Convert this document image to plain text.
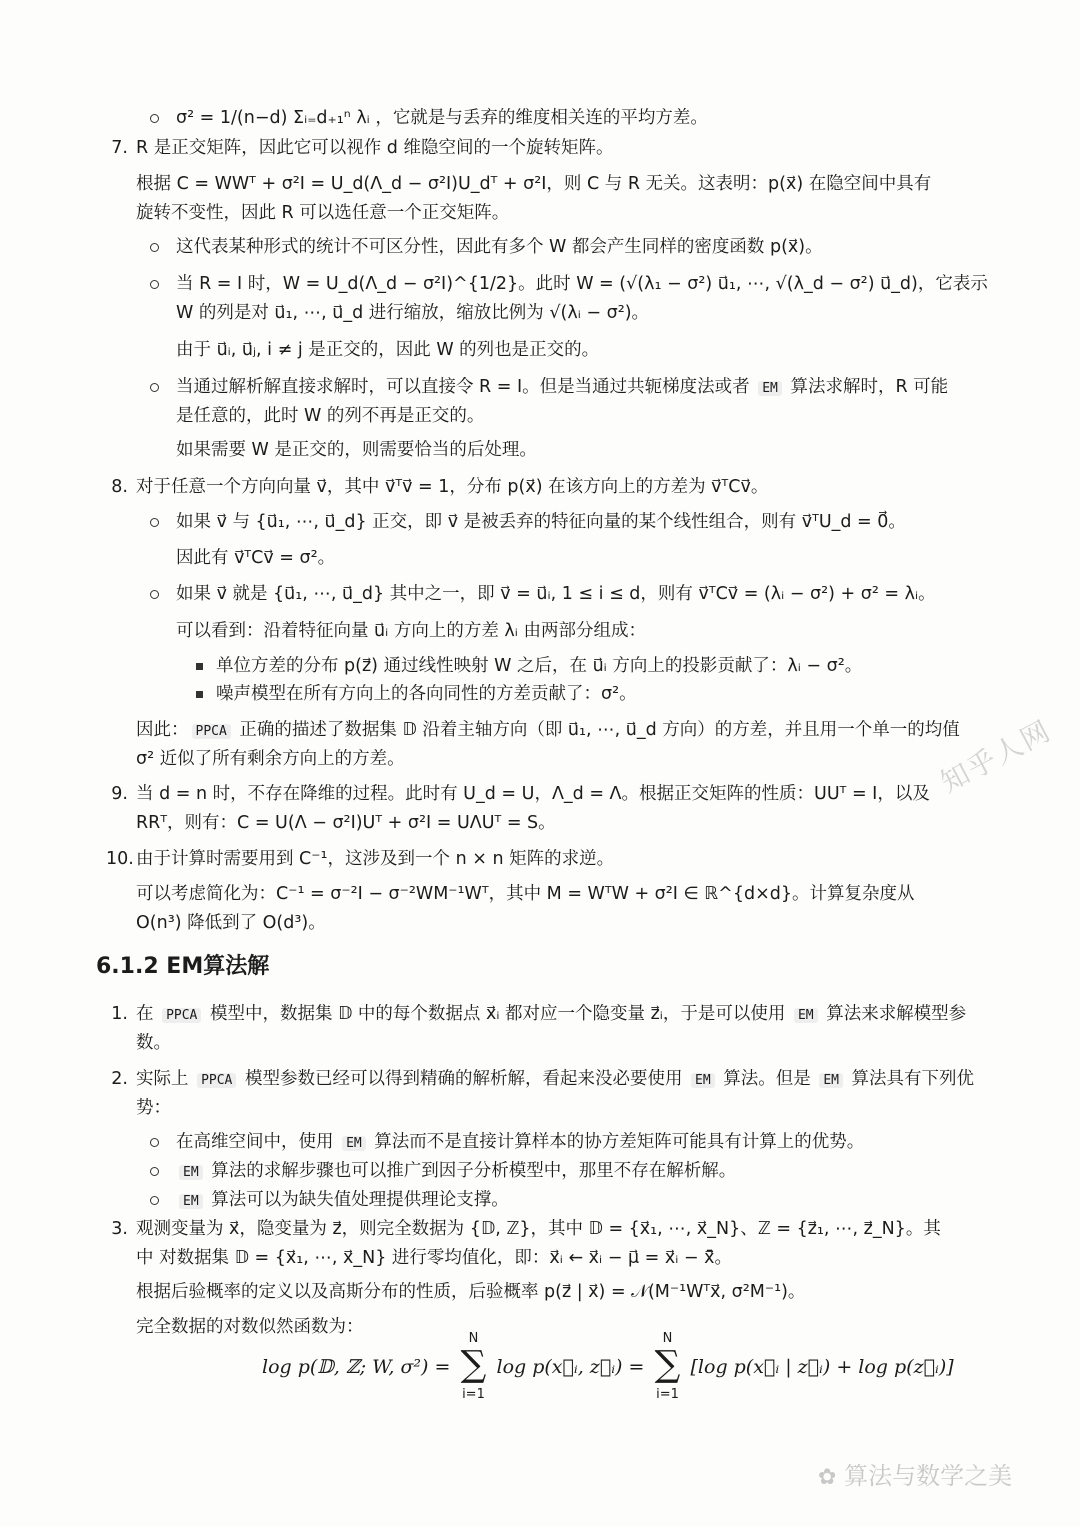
σ² = 1/(n−d) Σᵢ₌d₊₁ⁿ λᵢ ，它就是与丢弃的维度相关连的平均方差。
R 是正交矩阵，因此它可以视作 d 维隐空间的一个旋转矩阵。
7.
根据 C = WWᵀ + σ²I = U_d(Λ_d − σ²I)U_dᵀ + σ²I，则 C 与 R 无关。这表明：p(x⃗) 在隐空间中具有
旋转不变性，因此 R 可以选任意一个正交矩阵。
这代表某种形式的统计不可区分性，因此有多个 W 都会产生同样的密度函数 p(x⃗)。
当 R = I 时，W = U_d(Λ_d − σ²I)^{1/2}。此时 W = (√(λ₁ − σ²) u⃗₁, ⋯, √(λ_d − σ²) u⃗_d)，它表示
W 的列是对 u⃗₁, ⋯, u⃗_d 进行缩放，缩放比例为 √(λᵢ − σ²)。
由于 u⃗ᵢ, u⃗ⱼ, i ≠ j 是正交的，因此 W 的列也是正交的。
当通过解析解直接求解时，可以直接令 R = I。但是当通过共轭梯度法或者 EM 算法求解时，R 可能
是任意的，此时 W 的列不再是正交的。
如果需要 W 是正交的，则需要恰当的后处理。
对于任意一个方向向量 v⃗，其中 v⃗ᵀv⃗ = 1，分布 p(x⃗) 在该方向上的方差为 v⃗ᵀCv⃗。
8.
如果 v⃗ 与 {u⃗₁, ⋯, u⃗_d} 正交，即 v⃗ 是被丢弃的特征向量的某个线性组合，则有 v⃗ᵀU_d = 0⃗。
因此有 v⃗ᵀCv⃗ = σ²。
如果 v⃗ 就是 {u⃗₁, ⋯, u⃗_d} 其中之一，即 v⃗ = u⃗ᵢ, 1 ≤ i ≤ d，则有 v⃗ᵀCv⃗ = (λᵢ − σ²) + σ² = λᵢ。
可以看到：沿着特征向量 u⃗ᵢ 方向上的方差 λᵢ 由两部分组成：
单位方差的分布 p(z⃗) 通过线性映射 W 之后，在 u⃗ᵢ 方向上的投影贡献了：λᵢ − σ²。
噪声模型在所有方向上的各向同性的方差贡献了：σ²。
因此： PPCA 正确的描述了数据集 𝔻 沿着主轴方向（即 u⃗₁, ⋯, u⃗_d 方向）的方差，并且用一个单一的均值
σ² 近似了所有剩余方向上的方差。
当 d = n 时，不存在降维的过程。此时有 U_d = U，Λ_d = Λ。根据正交矩阵的性质：UUᵀ = I，以及
9.
RRᵀ，则有：C = U(Λ − σ²I)Uᵀ + σ²I = UΛUᵀ = S。
由于计算时需要用到 C⁻¹，这涉及到一个 n × n 矩阵的求逆。
10.
可以考虑简化为：C⁻¹ = σ⁻²I − σ⁻²WM⁻¹Wᵀ，其中 M = WᵀW + σ²I ∈ ℝ^{d×d}。计算复杂度从
O(n³) 降低到了 O(d³)。
在 PPCA 模型中，数据集 𝔻 中的每个数据点 x⃗ᵢ 都对应一个隐变量 z⃗ᵢ，于是可以使用 EM 算法来求解模型参
1.
数。
实际上 PPCA 模型参数已经可以得到精确的解析解，看起来没必要使用 EM 算法。但是 EM 算法具有下列优
2.
势：
在高维空间中，使用 EM 算法而不是直接计算样本的协方差矩阵可能具有计算上的优势。
EM 算法的求解步骤也可以推广到因子分析模型中，那里不存在解析解。
EM 算法可以为缺失值处理提供理论支撑。
观测变量为 x⃗，隐变量为 z⃗，则完全数据为 {𝔻, ℤ}，其中 𝔻 = {x⃗₁, ⋯, x⃗_N}、ℤ = {z⃗₁, ⋯, z⃗_N}。其
3.
中 对数据集 𝔻 = {x⃗₁, ⋯, x⃗_N} 进行零均值化，即：x⃗ᵢ ← x⃗ᵢ − μ⃗ = x⃗ᵢ − x̄⃗。
根据后验概率的定义以及高斯分布的性质，后验概率 p(z⃗ | x⃗) = 𝒩(M⁻¹Wᵀx⃗, σ²M⁻¹)。
完全数据的对数似然函数为：
6.1.2 EM算法解
log p(𝔻, ℤ; W, σ²) =
N
∑
i=1
log p(x⃗ᵢ, z⃗ᵢ) =
N
∑
i=1
[log p(x⃗ᵢ | z⃗ᵢ) + log p(z⃗ᵢ)]
知乎人网
✿ 算法与数学之美
